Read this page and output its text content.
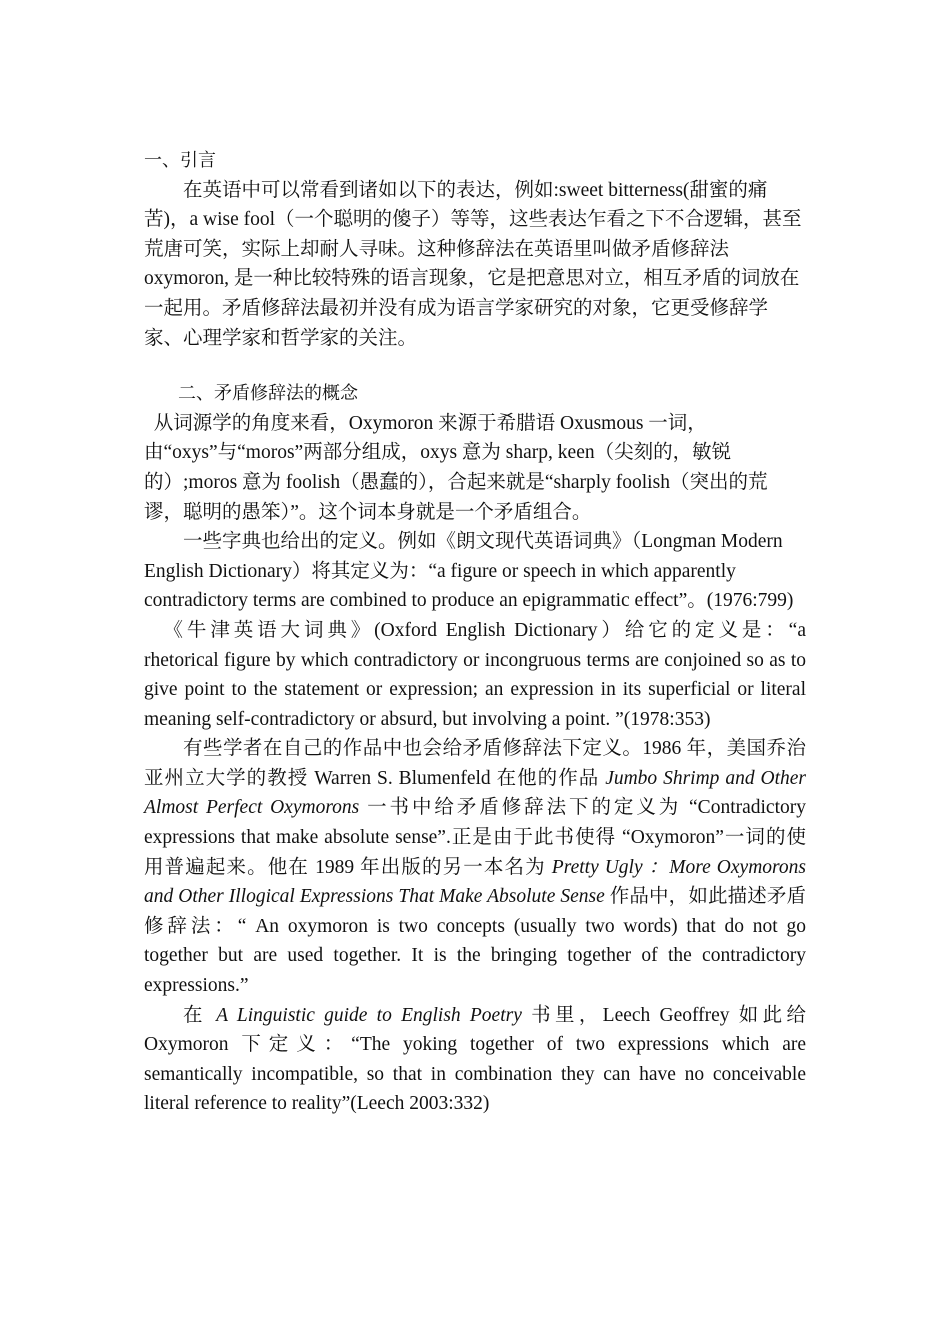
一、引言

在英语中可以常看到诸如以下的表达，例如:sweet bitterness(甜蜜的痛苦)，a wise fool（一个聪明的傻子）等等，这些表达乍看之下不合逻辑，甚至荒唐可笑，实际上却耐人寻味。这种修辞法在英语里叫做矛盾修辞法 oxymoron, 是一种比较特殊的语言现象，它是把意思对立，相互矛盾的词放在一起用。矛盾修辞法最初并没有成为语言学家研究的对象，它更受修辞学家、心理学家和哲学家的关注。

二、矛盾修辞法的概念

从词源学的角度来看，Oxymoron 来源于希腊语 Oxusmous 一词，由“oxys”与“moros”两部分组成，oxys 意为 sharp, keen（尖刻的，敏锐的）;moros 意为 foolish（愚蠢的），合起来就是“sharply foolish（突出的荒谬，聪明的愚笨）”。这个词本身就是一个矛盾组合。

一些字典也给出的定义。例如《朗文现代英语词典》（Longman Modern English Dictionary）将其定义为：“a figure or speech in which apparently contradictory terms are combined to produce an epigrammatic effect”。(1976:799)

《牛津英语大词典》(Oxford English Dictionary）给它的定义是：“a rhetorical figure by which contradictory or incongruous terms are conjoined so as to give point to the statement or expression; an expression in its superficial or literal meaning self-contradictory or absurd, but involving a point. ”(1978:353)

有些学者在自己的作品中也会给矛盾修辞法下定义。1986 年，美国乔治亚州立大学的教授 Warren S. Blumenfeld 在他的作品 Jumbo Shrimp and Other Almost Perfect Oxymorons 一书中给矛盾修辞法下的定义为 “Contradictory expressions that make absolute sense”.正是由于此书使得 “Oxymoron”一词的使用普遍起来。他在 1989 年出版的另一本名为 Pretty Ugly ：More Oxymorons and Other Illogical Expressions That Make Absolute Sense 作品中，如此描述矛盾修辞法：“ An oxymoron is two concepts (usually two words) that do not go together but are used together. It is the bringing together of the contradictory expressions.”

在 A Linguistic guide to English Poetry 书里，Leech Geoffrey 如此给 Oxymoron 下定义：“The yoking together of two expressions which are semantically incompatible, so that in combination they can have no conceivable literal reference to reality”(Leech 2003:332)
